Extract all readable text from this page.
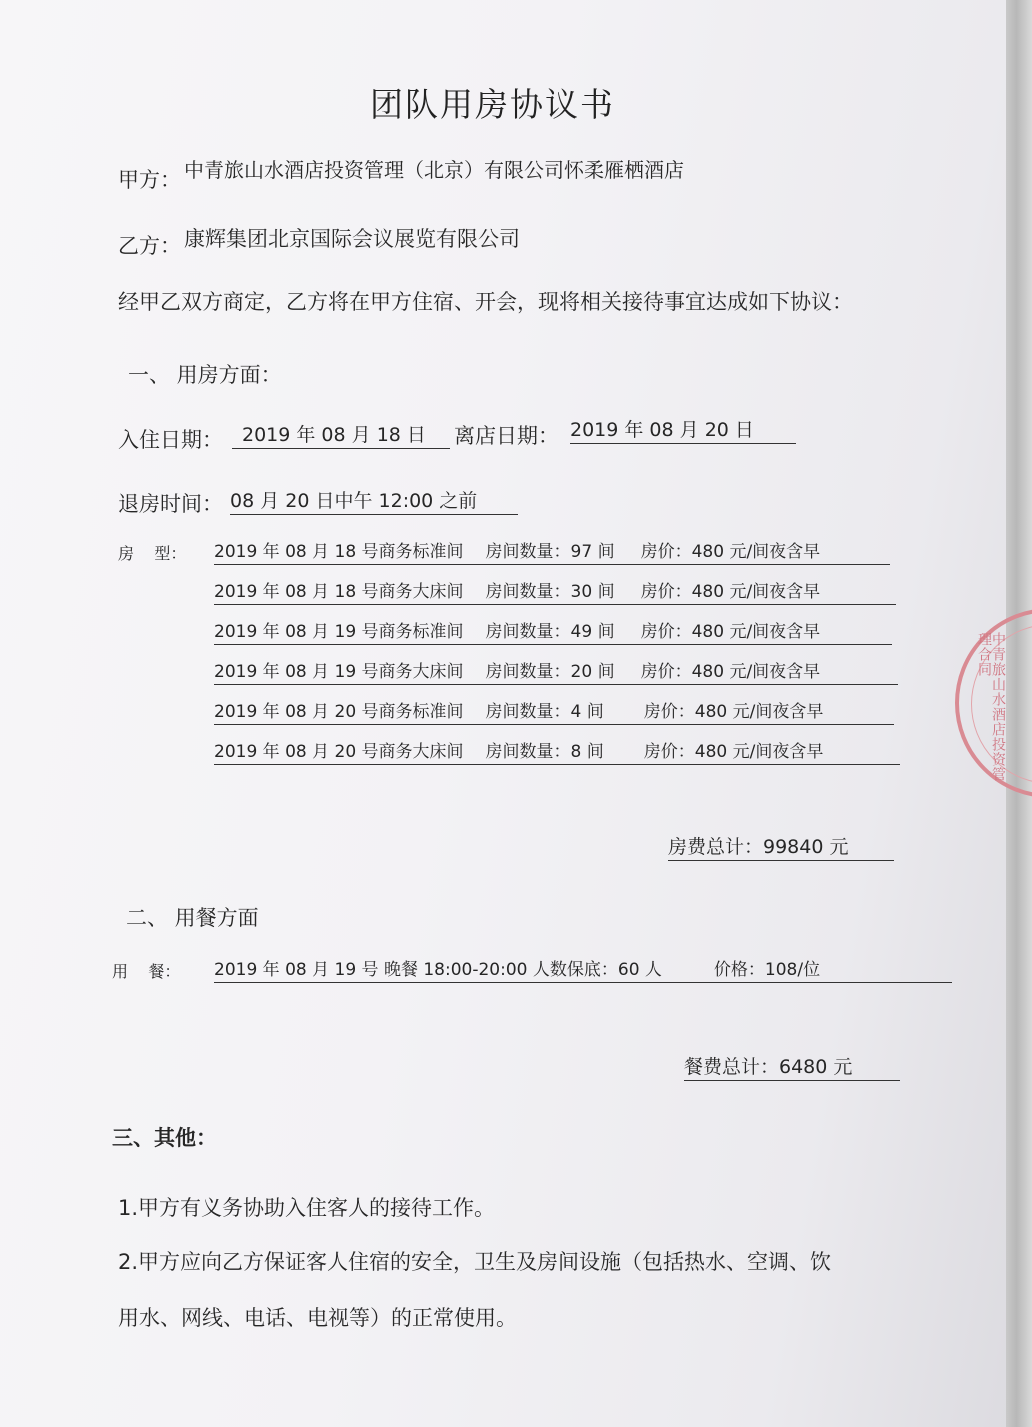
团队用房协议书
甲方： 中青旅山水酒店投资管理（北京）有限公司怀柔雁栖酒店
乙方： 康辉集团北京国际会议展览有限公司
经甲乙双方商定，乙方将在甲方住宿、开会，现将相关接待事宜达成如下协议：
一、 用房方面：
入住日期：	2019 年 08 月 18 日	离店日期： 2019 年 08 月 20 日
退房时间： 08 月 20 日中午 12:00 之前
房    型： 2019 年 08 月 18 号商务标准间 房间数量：97 间 房价：480 元/间夜含早
2019 年 08 月 18 号商务大床间 房间数量：30 间 房价：480 元/间夜含早
2019 年 08 月 19 号商务标准间 房间数量：49 间 房价：480 元/间夜含早
2019 年 08 月 19 号商务大床间 房间数量：20 间 房价：480 元/间夜含早
2019 年 08 月 20 号商务标准间 房间数量：4 间 房价：480 元/间夜含早
2019 年 08 月 20 号商务大床间 房间数量：8 间 房价：480 元/间夜含早
房费总计：99840 元
二、 用餐方面
用    餐： 2019 年 08 月 19 号 晚餐 18:00-20:00 人数保底：60 人	价格：108/位
餐费总计：6480 元
三、其他：
1.甲方有义务协助入住客人的接待工作。
2.甲方应向乙方保证客人住宿的安全，卫生及房间设施（包括热水、空调、饮
用水、网线、电话、电视等）的正常使用。
中青旅山水酒店投资管理合同
